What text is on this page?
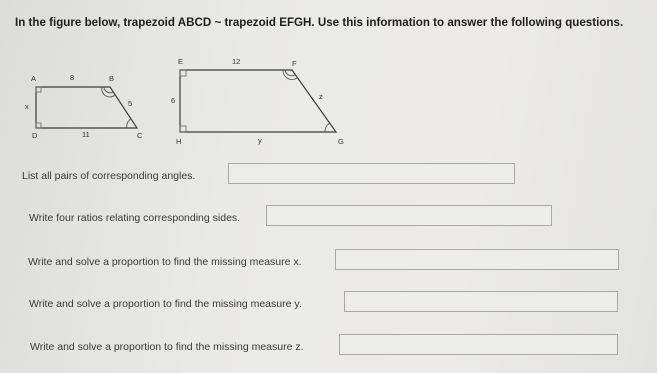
In the figure below, trapezoid ABCD ~ trapezoid EFGH. Use this information to answer the following questions.
A	B
C
D
8
5
x
11
E	F
G
H
12
6	z
y
List all pairs of corresponding angles.
Write four ratios relating corresponding sides.
Write and solve a proportion to find the missing measure x.
Write and solve a proportion to find the missing measure y.
Write and solve a proportion to find the missing measure z.
